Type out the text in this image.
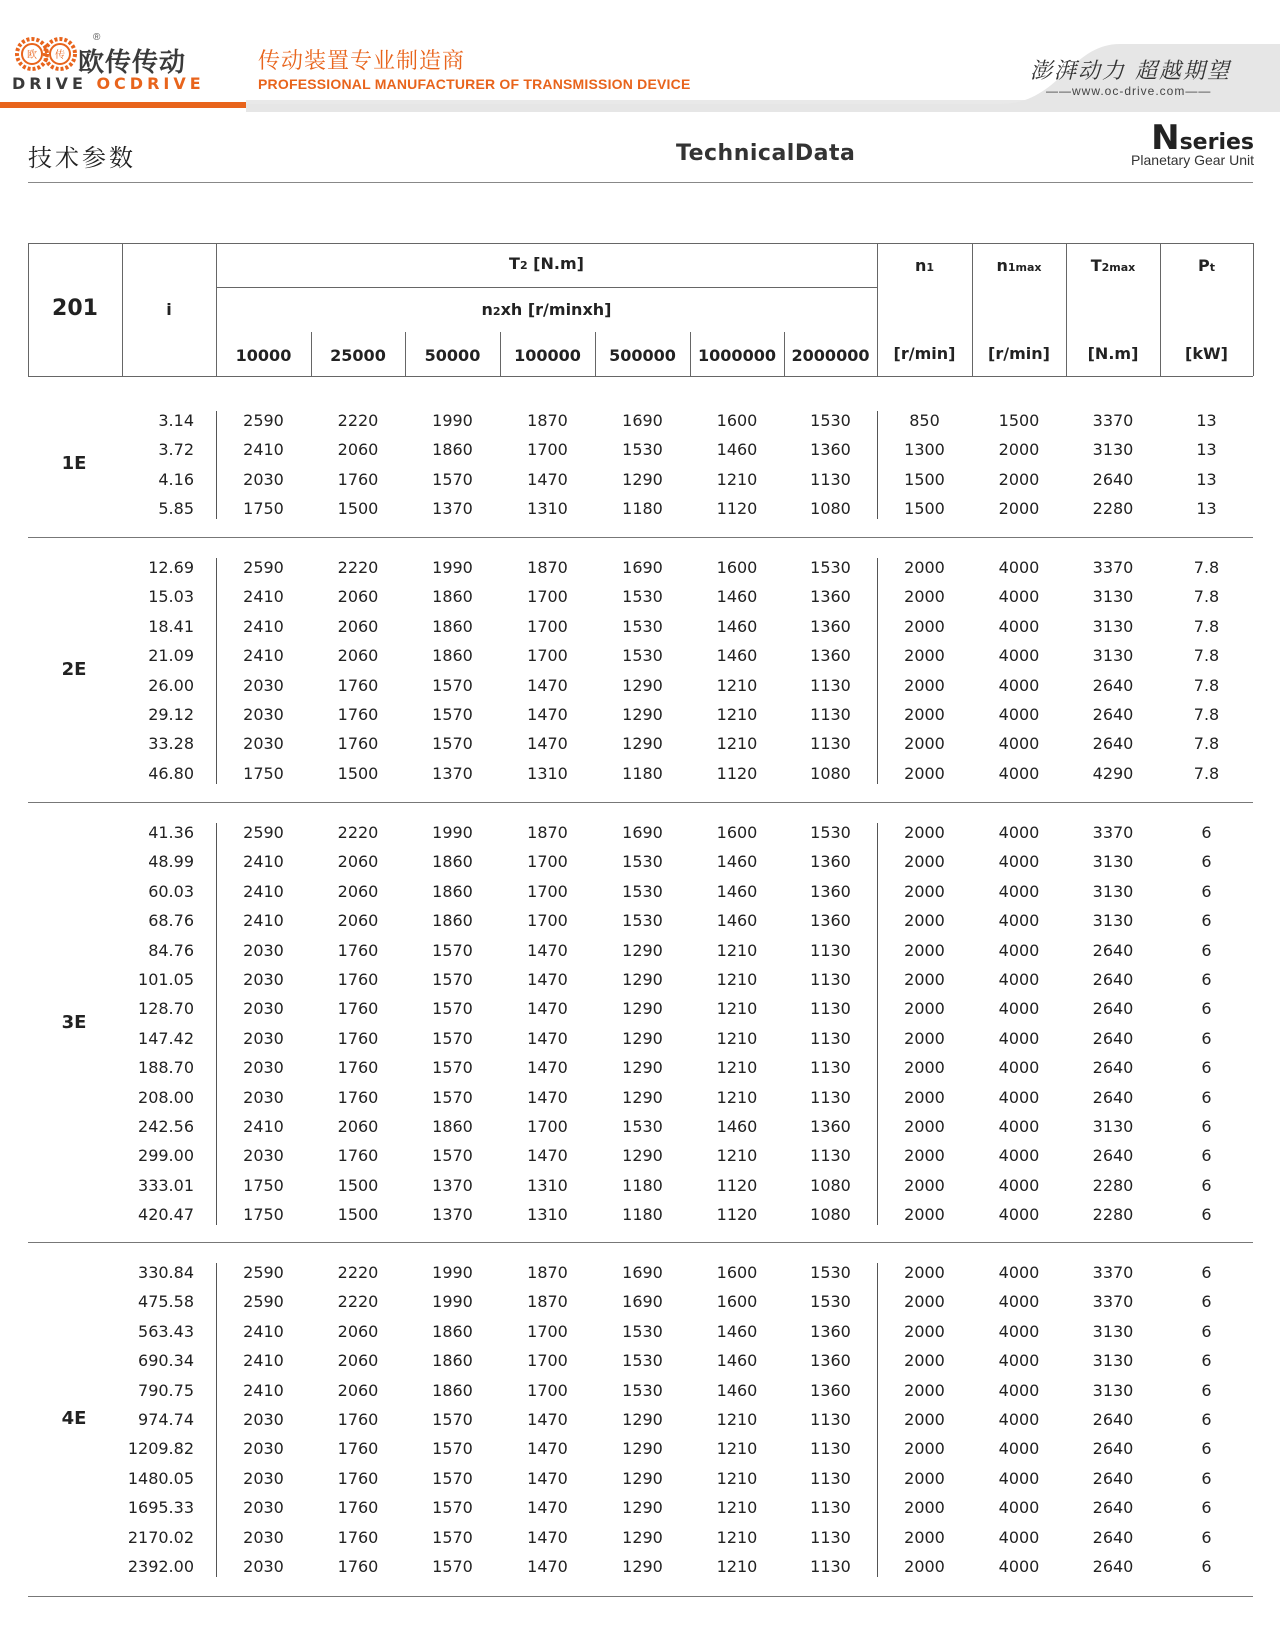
欧 传
®
欧传传动
DRIVE OCDRIVE
传动装置专业制造商
PROFESSIONAL MANUFACTURER OF TRANSMISSION DEVICE	澎湃动力 超越期望
——www.oc-drive.com——
技术参数	TechnicalData	Nseries
Planetary Gear Unit
201	i
T2 [N.m]
n2xh [r/minxh]
10000	25000	50000	100000	500000	1000000 2000000
n1
[r/min]
n1max
[r/min]
T2max
[N.m]
Pt
[kW]
1E
3.14	2590	2220	1990	1870	1690	1600	1530	850	1500	3370	13
3.72	2410	2060	1860	1700	1530	1460	1360	1300	2000	3130	13
4.16	2030	1760	1570	1470	1290	1210	1130	1500	2000	2640	13
5.85	1750	1500	1370	1310	1180	1120	1080	1500	2000	2280	13
2E
12.69	2590	2220	1990	1870	1690	1600	1530	2000	4000	3370	7.8
15.03	2410	2060	1860	1700	1530	1460	1360	2000	4000	3130	7.8
18.41	2410	2060	1860	1700	1530	1460	1360	2000	4000	3130	7.8
21.09	2410	2060	1860	1700	1530	1460	1360	2000	4000	3130	7.8
26.00	2030	1760	1570	1470	1290	1210	1130	2000	4000	2640	7.8
29.12	2030	1760	1570	1470	1290	1210	1130	2000	4000	2640	7.8
33.28	2030	1760	1570	1470	1290	1210	1130	2000	4000	2640	7.8
46.80	1750	1500	1370	1310	1180	1120	1080	2000	4000	4290	7.8
3E
41.36	2590	2220	1990	1870	1690	1600	1530	2000	4000	3370	6
48.99	2410	2060	1860	1700	1530	1460	1360	2000	4000	3130	6
60.03	2410	2060	1860	1700	1530	1460	1360	2000	4000	3130	6
68.76	2410	2060	1860	1700	1530	1460	1360	2000	4000	3130	6
84.76	2030	1760	1570	1470	1290	1210	1130	2000	4000	2640	6
101.05	2030	1760	1570	1470	1290	1210	1130	2000	4000	2640	6
128.70	2030	1760	1570	1470	1290	1210	1130	2000	4000	2640	6
147.42	2030	1760	1570	1470	1290	1210	1130	2000	4000	2640	6
188.70	2030	1760	1570	1470	1290	1210	1130	2000	4000	2640	6
208.00	2030	1760	1570	1470	1290	1210	1130	2000	4000	2640	6
242.56	2410	2060	1860	1700	1530	1460	1360	2000	4000	3130	6
299.00	2030	1760	1570	1470	1290	1210	1130	2000	4000	2640	6
333.01	1750	1500	1370	1310	1180	1120	1080	2000	4000	2280	6
420.47	1750	1500	1370	1310	1180	1120	1080	2000	4000	2280	6
4E
330.84	2590	2220	1990	1870	1690	1600	1530	2000	4000	3370	6
475.58	2590	2220	1990	1870	1690	1600	1530	2000	4000	3370	6
563.43	2410	2060	1860	1700	1530	1460	1360	2000	4000	3130	6
690.34	2410	2060	1860	1700	1530	1460	1360	2000	4000	3130	6
790.75	2410	2060	1860	1700	1530	1460	1360	2000	4000	3130	6
974.74	2030	1760	1570	1470	1290	1210	1130	2000	4000	2640	6
1209.82	2030	1760	1570	1470	1290	1210	1130	2000	4000	2640	6
1480.05	2030	1760	1570	1470	1290	1210	1130	2000	4000	2640	6
1695.33	2030	1760	1570	1470	1290	1210	1130	2000	4000	2640	6
2170.02	2030	1760	1570	1470	1290	1210	1130	2000	4000	2640	6
2392.00	2030	1760	1570	1470	1290	1210	1130	2000	4000	2640	6
